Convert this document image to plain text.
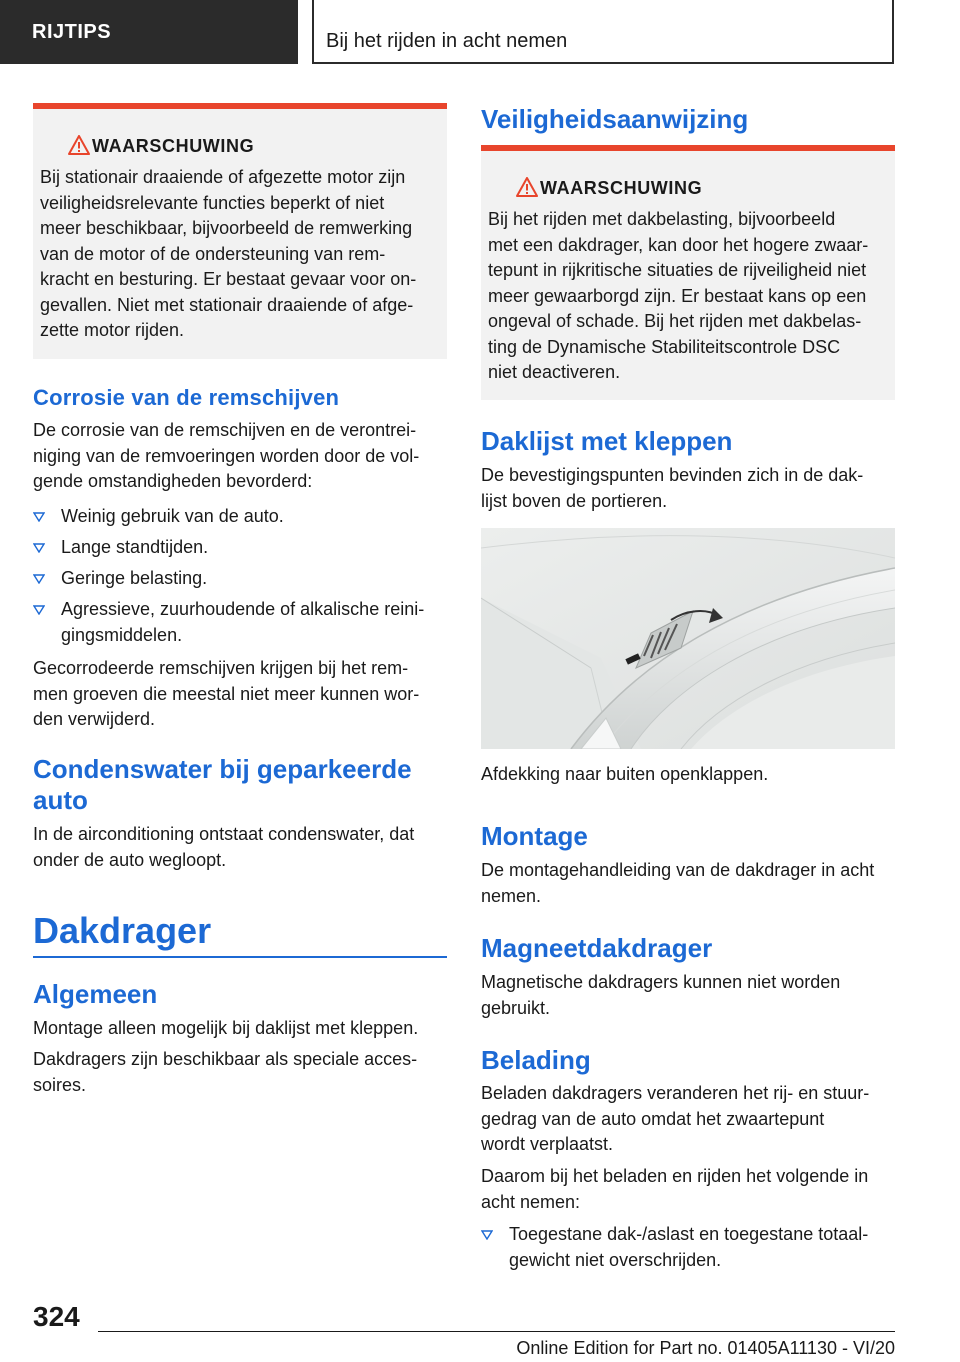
RIJTIPS	Bij het rijden in acht nemen
WAARSCHUWING
Bij stationair draaiende of afgezette motor zijn
veiligheidsrelevante functies beperkt of niet
meer beschikbaar, bijvoorbeeld de remwerking
van de motor of de ondersteuning van rem-
kracht en besturing. Er bestaat gevaar voor on-
gevallen. Niet met stationair draaiende of afge-
zette motor rijden.
Corrosie van de remschijven
De corrosie van de remschijven en de verontrei-
niging van de remvoeringen worden door de vol-
gende omstandigheden bevorderd:
Weinig gebruik van de auto.
Lange standtijden.
Geringe belasting.
Agressieve, zuurhoudende of alkalische reini-
gingsmiddelen.
Gecorrodeerde remschijven krijgen bij het rem-
men groeven die meestal niet meer kunnen wor-
den verwijderd.
Condenswater bij geparkeerde
auto
In de airconditioning ontstaat condenswater, dat
onder de auto wegloopt.
Dakdrager
Algemeen
Montage alleen mogelijk bij daklijst met kleppen.
Dakdragers zijn beschikbaar als speciale acces-
soires.
Veiligheidsaanwijzing
WAARSCHUWING
Bij het rijden met dakbelasting, bijvoorbeeld
met een dakdrager, kan door het hogere zwaar-
tepunt in rijkritische situaties de rijveiligheid niet
meer gewaarborgd zijn. Er bestaat kans op een
ongeval of schade. Bij het rijden met dakbelas-
ting de Dynamische Stabiliteitscontrole DSC
niet deactiveren.
Daklijst met kleppen
De bevestigingspunten bevinden zich in de dak-
lijst boven de portieren.
Afdekking naar buiten openklappen.
Montage
De montagehandleiding van de dakdrager in acht
nemen.
Magneetdakdrager
Magnetische dakdragers kunnen niet worden
gebruikt.
Belading
Beladen dakdragers veranderen het rij- en stuur-
gedrag van de auto omdat het zwaartepunt
wordt verplaatst.
Daarom bij het beladen en rijden het volgende in
acht nemen:
Toegestane dak-/aslast en toegestane totaal-
gewicht niet overschrijden.
324
Online Edition for Part no. 01405A11130 - VI/20
